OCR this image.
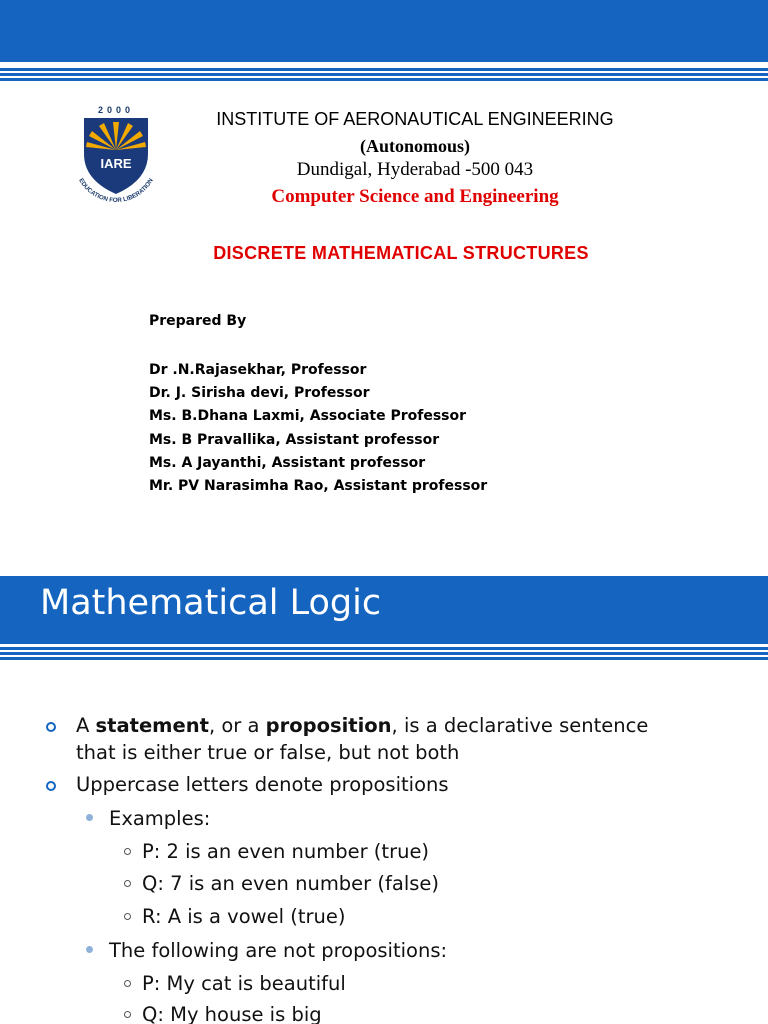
2000
IARE
EDUCATION FOR LIBERATION
INSTITUTE OF AERONAUTICAL ENGINEERING
(Autonomous)
Dundigal, Hyderabad -500 043
Computer Science and Engineering
DISCRETE MATHEMATICAL STRUCTURES
Prepared By
Dr .N.Rajasekhar, Professor
Dr. J. Sirisha devi, Professor
Ms. B.Dhana Laxmi, Associate Professor
Ms. B Pravallika, Assistant professor
Ms. A Jayanthi, Assistant professor
Mr. PV Narasimha Rao, Assistant professor
Mathematical Logic
A statement, or a proposition, is a declarative sentence
that is either true or false, but not both
Uppercase letters denote propositions
Examples:
P: 2 is an even number (true)
Q: 7 is an even number (false)
R: A is a vowel (true)
The following are not propositions:
P: My cat is beautiful
Q: My house is big
